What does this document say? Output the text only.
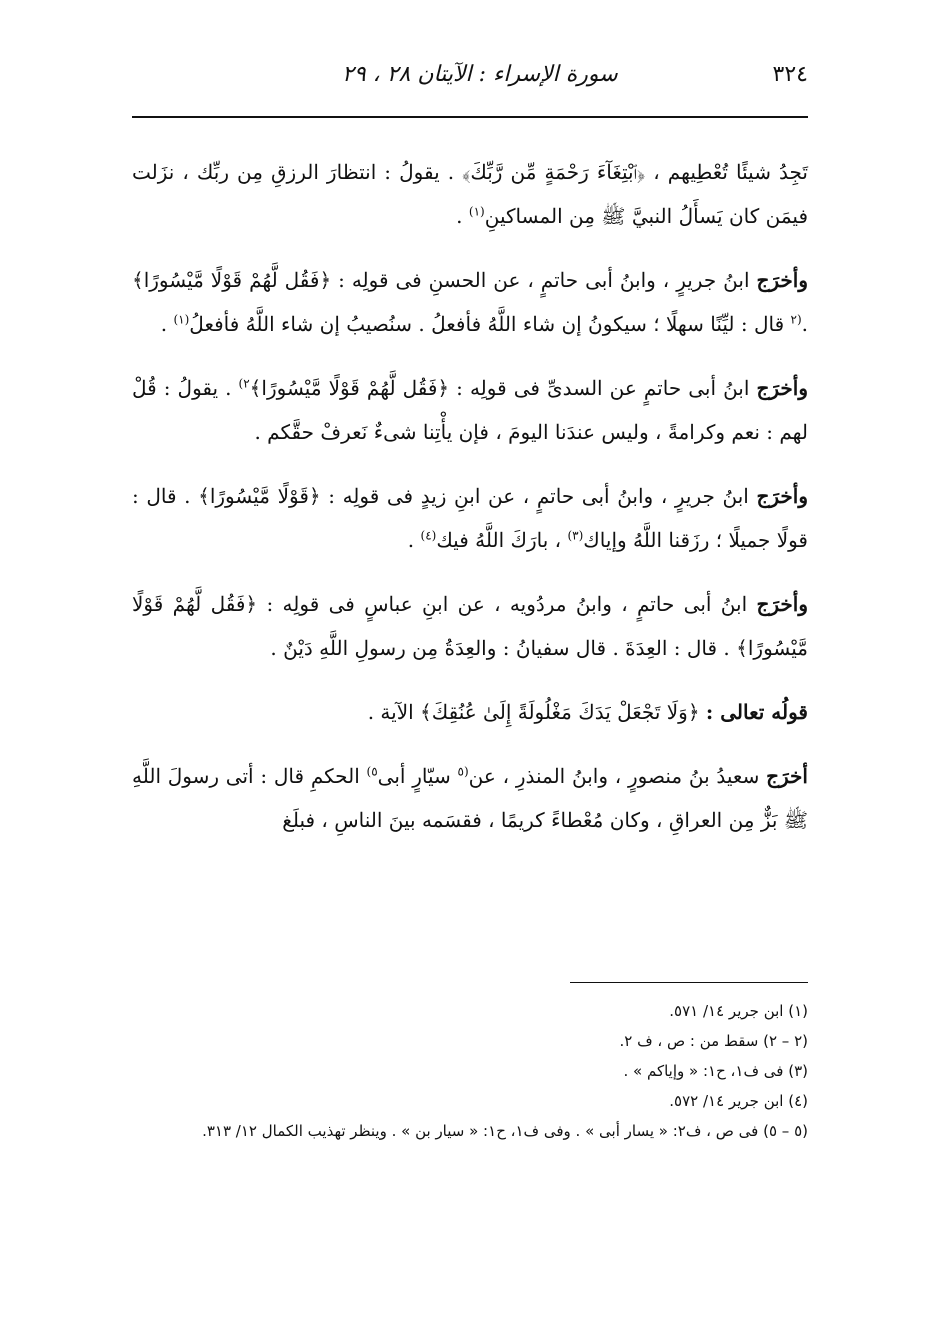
٣٢٤
سورة الإسراء : الآيتان ٢٨ ، ٢٩

تَجِدُ شيئًا تُعْطِيهم ، ﴿ٱبْتِغَآءَ رَحْمَةٍ مِّن رَّبِّكَ﴾ . يقولُ : انتظارَ الرزقِ مِن ربِّك ، نزَلت فيمَن كان يَسأَلُ النبيَّ ﷺ مِن المساكينِ$^{(١)}$ .

وأخرَج ابنُ جريرٍ ، وابنُ أبى حاتمٍ ، عن الحسنِ فى قولِه : ﴿فَقُل لَّهُمْ قَوْلًا مَّيْسُورًا﴾ .$^{(٢}$ قال : ليِّنًا سهلًا ؛ سيكونُ إن شاء اللَّهُ فأفعلُ . سنُصيبُ إن شاء اللَّهُ فأفعلُ$^{(١)}$ .

وأخرَج ابنُ أبى حاتمٍ عن السدىِّ فى قولِه : ﴿فَقُل لَّهُمْ قَوْلًا مَّيْسُورًا﴾$^{٢)}$ . يقولُ : قُلْ لهم : نعم وكرامةً ، وليس عندَنا اليومَ ، فإن يأْتِنا شىءٌ نَعرفْ حقَّكم .

وأخرَج ابنُ جريرٍ ، وابنُ أبى حاتمٍ ، عن ابنِ زيدٍ فى قولِه : ﴿قَوْلًا مَّيْسُورًا﴾ . قال : قولًا جميلًا ؛ رزَقنا اللَّهُ وإياك$^{(٣)}$ ، بارَكَ اللَّهُ فيك$^{(٤)}$ .

وأخرَج ابنُ أبى حاتمٍ ، وابنُ مردُويه ، عن ابنِ عباسٍ فى قولِه : ﴿فَقُل لَّهُمْ قَوْلًا مَّيْسُورًا﴾ . قال : العِدَةَ . قال سفيانُ : والعِدَةُ مِن رسولِ اللَّهِ دَيْنٌ .

قولُه تعالى : ﴿وَلَا تَجْعَلْ يَدَكَ مَغْلُولَةً إِلَىٰ عُنُقِكَ﴾ الآية .

أخرَج سعيدُ بنُ منصورٍ ، وابنُ المنذرِ ، عن$^{(٥}$ سيّارٍ أبى$^{٥)}$ الحكمِ قال : أتى رسولَ اللَّهِ ﷺ بَزٌّ مِن العراقِ ، وكان مُعْطاءً كريمًا ، فقسَمه بينَ الناسِ ، فبلَغ

(١) ابن جرير ١٤/ ٥٧١.

(٢ – ٢) سقط من : ص ، ف ٢.

(٣) فى ف١، ح١: « وإياكم » .

(٤) ابن جرير ١٤/ ٥٧٢.

(٥ – ٥) فى ص ، ف٢: « يسار أبى » . وفى ف١، ح١: « سيار بن » . وينظر تهذيب الكمال ١٢/ ٣١٣.
